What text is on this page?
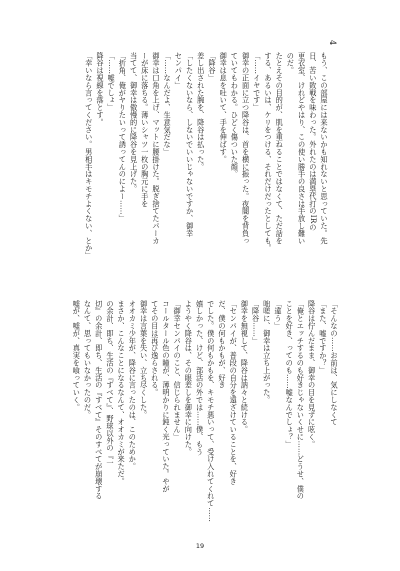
4
もう、この部屋には来ないかも知れないと思っていた。先
日、苦い敗戦を味わった。外れたのは満塁代打のIRの
更衣室、けれどやはり、この使い勝手の良さは手放し難い
のだ。
たとえその目的が、肌を重ねることではなくて、ただ話を
する、あるいは、ケリをつける、それだけだったとしても。
「……イヤです」
御幸の正面に立つ降谷は、首を横に振った。夜闇を背負っ
ていてもわかる。ひどく傷ついた顔。
御幸は息を吐いて、手を伸ばす。
「降谷」
差し出された腕を、降谷は払った。
「したくないなら、しないでいいじゃないですか、御幸
センパイ」
「……なんだよ、生意気だな」
御幸は口角を上げ、マットに腰掛けた。脱ぎ捨てたパーカ
ーが床に落ちる。薄いシャツ一枚の胸元に手を
当てて、御幸は傲慢的に降谷を見上げた。
「折角、俺がヤりたいって誘ってんのによー……」
「……嘘でしょ」
降谷は視線を落とす。
「幸いなら言ってください。男相手はキモチよくない、とか」
「そんなの……お前は、気にしなくて
「また、嘘ですか？」
降谷は佇んだまま、御幸の目を見ずに呟く。
「俺とエッチするのも好きじゃないくせに……どうせ、僕の
ことを好き、ってのも……嘘なんでしょ？」
「違う」
咄嗟に、御幸は立ち上がった。
「降谷……」
御幸を無視して、降谷は訥々と続ける。
「センパイが、普段の自分を遠ざけていることを、好き
だ、僕の何もかもが、好き
でした。僕の何もかもを、キモチ悪いって、受け入れてくれて……
嬉しかった、けど、部活の外では……僕、もう
ようやく降谷は、その眼差しを御幸に向けた。
「御幸センパイのこと、信じられません」
コールタール色の瞳が、薄明かりに鈍く光っていた。やが
てその目は再び逸らされる。
御幸は言葉を失い、立ち尽くした。
オオカミ少年が、降谷に言ったのは、このためか。
まさか、こんなことになるなんて、オオカミが来ただ。
の余計、即ち、生活の『すべて』、野球以外の『一
切』の余計、即ち、生活の『すべて』そのすべてが崩壊する
なんて、思ってもいなかったのだ。
嘘が、嘘が、真実を喰っていく。
19
